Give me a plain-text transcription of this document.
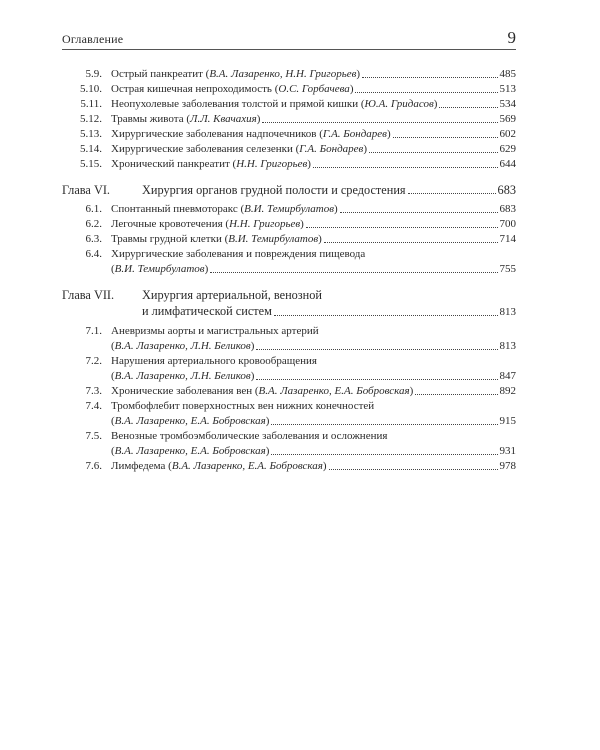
Оглавление	9
5.9. Острый панкреатит (В.А. Лазаренко, Н.Н. Григорьев)	485
5.10. Острая кишечная непроходимость (О.С. Горбачева)	513
5.11. Неопухолевые заболевания толстой и прямой кишки (Ю.А. Гридасов)	534
5.12. Травмы живота (Л.Л. Квачахия)	569
5.13. Хирургические заболевания надпочечников (Г.А. Бондарев)	602
5.14. Хирургические заболевания селезенки (Г.А. Бондарев)	629
5.15. Хронический панкреатит (Н.Н. Григорьев)	644
Глава VI.	Хирургия органов грудной полости и средостения	683
6.1. Спонтанный пневмоторакс (В.И. Темирбулатов)	683
6.2. Легочные кровотечения (Н.Н. Григорьев)	700
6.3. Травмы грудной клетки (В.И. Темирбулатов)	714
6.4. Хирургические заболевания и повреждения пищевода
(В.И. Темирбулатов)	755
Глава VII.	Хирургия артериальной, венозной
и лимфатической систем	813
7.1. Аневризмы аорты и магистральных артерий
(В.А. Лазаренко, Л.Н. Беликов)	813
7.2. Нарушения артериального кровообращения
(В.А. Лазаренко, Л.Н. Беликов)	847
7.3. Хронические заболевания вен (В.А. Лазаренко, Е.А. Бобровская)	892
7.4. Тромбофлебит поверхностных вен нижних конечностей
(В.А. Лазаренко, Е.А. Бобровская)	915
7.5. Венозные тромбоэмболические заболевания и осложнения
(В.А. Лазаренко, Е.А. Бобровская)	931
7.6. Лимфедема (В.А. Лазаренко, Е.А. Бобровская)	978
